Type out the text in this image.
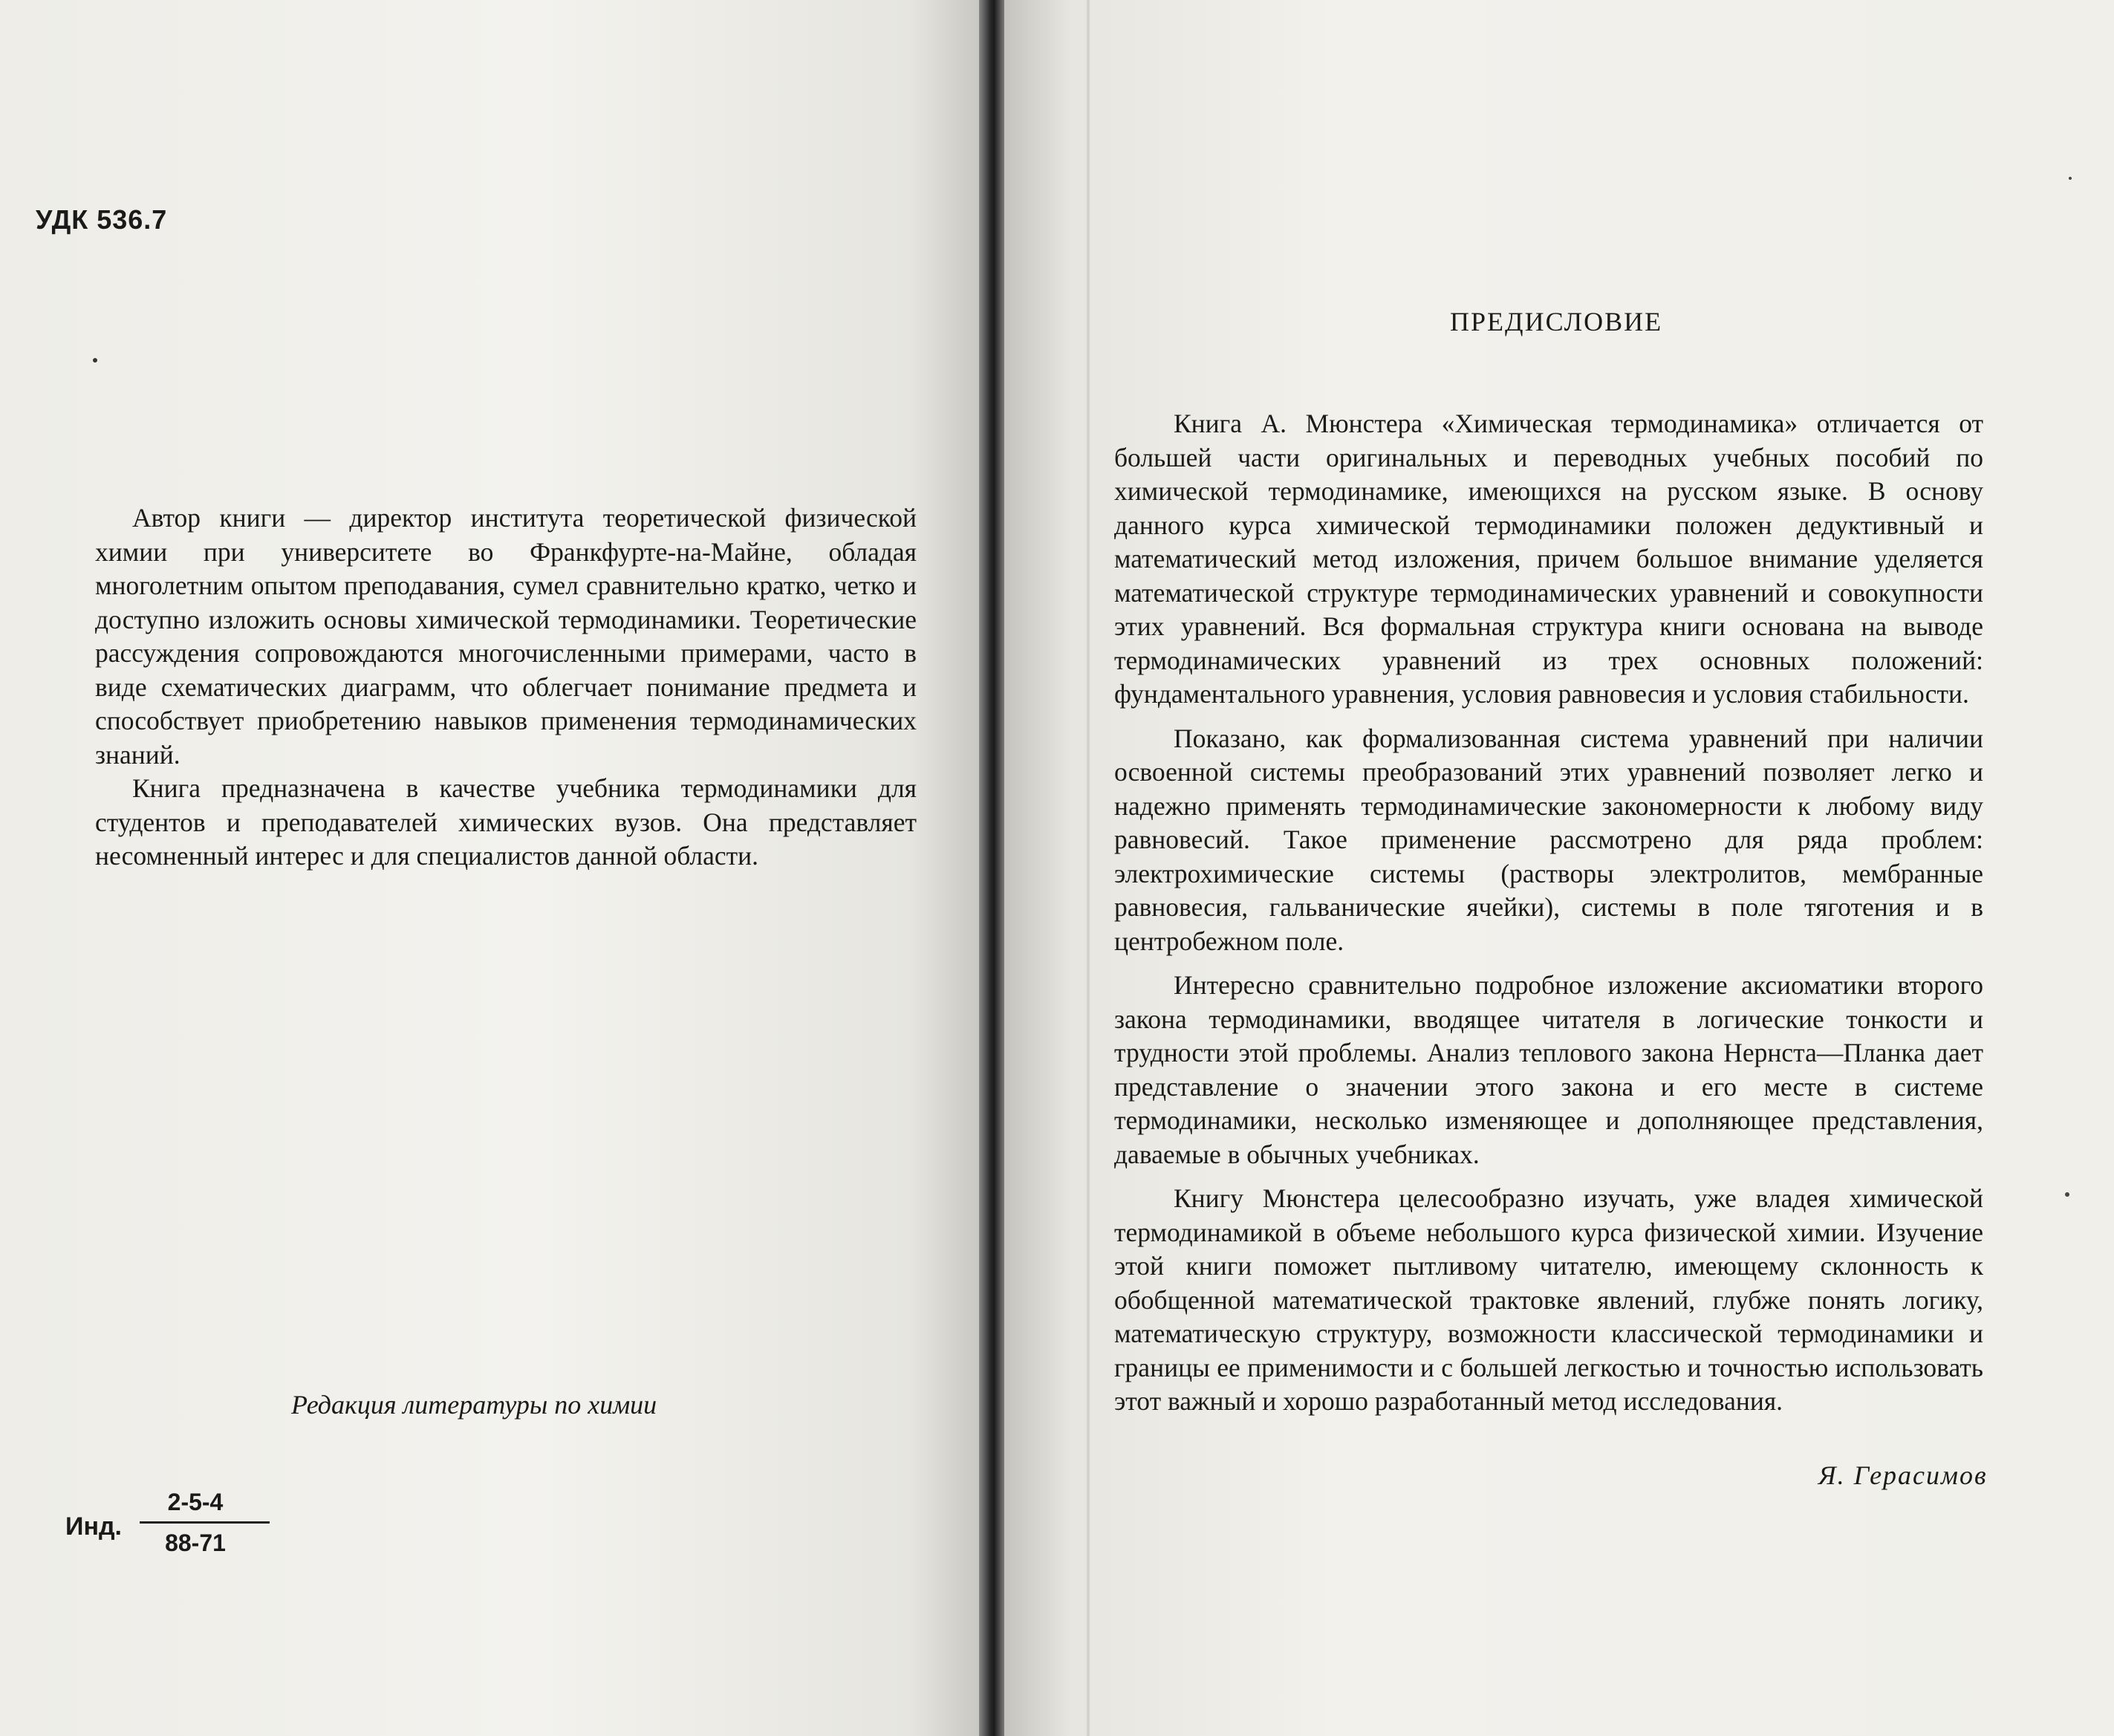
УДК 536.7

Автор книги — директор института теоретической физической химии при университете во Франкфурте-на-Майне, обладая многолетним опытом преподавания, сумел сравнительно кратко, четко и доступно изложить основы химической термодинамики. Теоретические рассуждения сопровождаются многочисленными примерами, часто в виде схематических диаграмм, что облегчает понимание предмета и способствует приобретению навыков применения термодинамических знаний.

Книга предназначена в качестве учебника термодинамики для студентов и преподавателей химических вузов. Она представляет несомненный интерес и для специалистов данной области.

Редакция литературы по химии
Инд.
2-5-4
88-71
ПРЕДИСЛОВИЕ

Книга А. Мюнстера «Химическая термодинамика» отличается от большей части оригинальных и переводных учебных пособий по химической термодинамике, имеющихся на русском языке. В основу данного курса химической термодинамики положен дедуктивный и математический метод изложения, причем большое внимание уделяется математической структуре термодинамических уравнений и совокупности этих уравнений. Вся формальная структура книги основана на выводе термодинамических уравнений из трех основных положений: фундаментального уравнения, условия равновесия и условия стабильности.

Показано, как формализованная система уравнений при наличии освоенной системы преобразований этих уравнений позволяет легко и надежно применять термодинамические закономерности к любому виду равновесий. Такое применение рассмотрено для ряда проблем: электрохимические системы (растворы электролитов, мембранные равновесия, гальванические ячейки), системы в поле тяготения и в центробежном поле.

Интересно сравнительно подробное изложение аксиоматики второго закона термодинамики, вводящее читателя в логические тонкости и трудности этой проблемы. Анализ теплового закона Нернста—Планка дает представление о значении этого закона и его месте в системе термодинамики, несколько изменяющее и дополняющее представления, даваемые в обычных учебниках.

Книгу Мюнстера целесообразно изучать, уже владея химической термодинамикой в объеме небольшого курса физической химии. Изучение этой книги поможет пытливому читателю, имеющему склонность к обобщенной математической трактовке явлений, глубже понять логику, математическую структуру, возможности классической термодинамики и границы ее применимости и с большей легкостью и точностью использовать этот важный и хорошо разработанный метод исследования.

Я. Герасимов
